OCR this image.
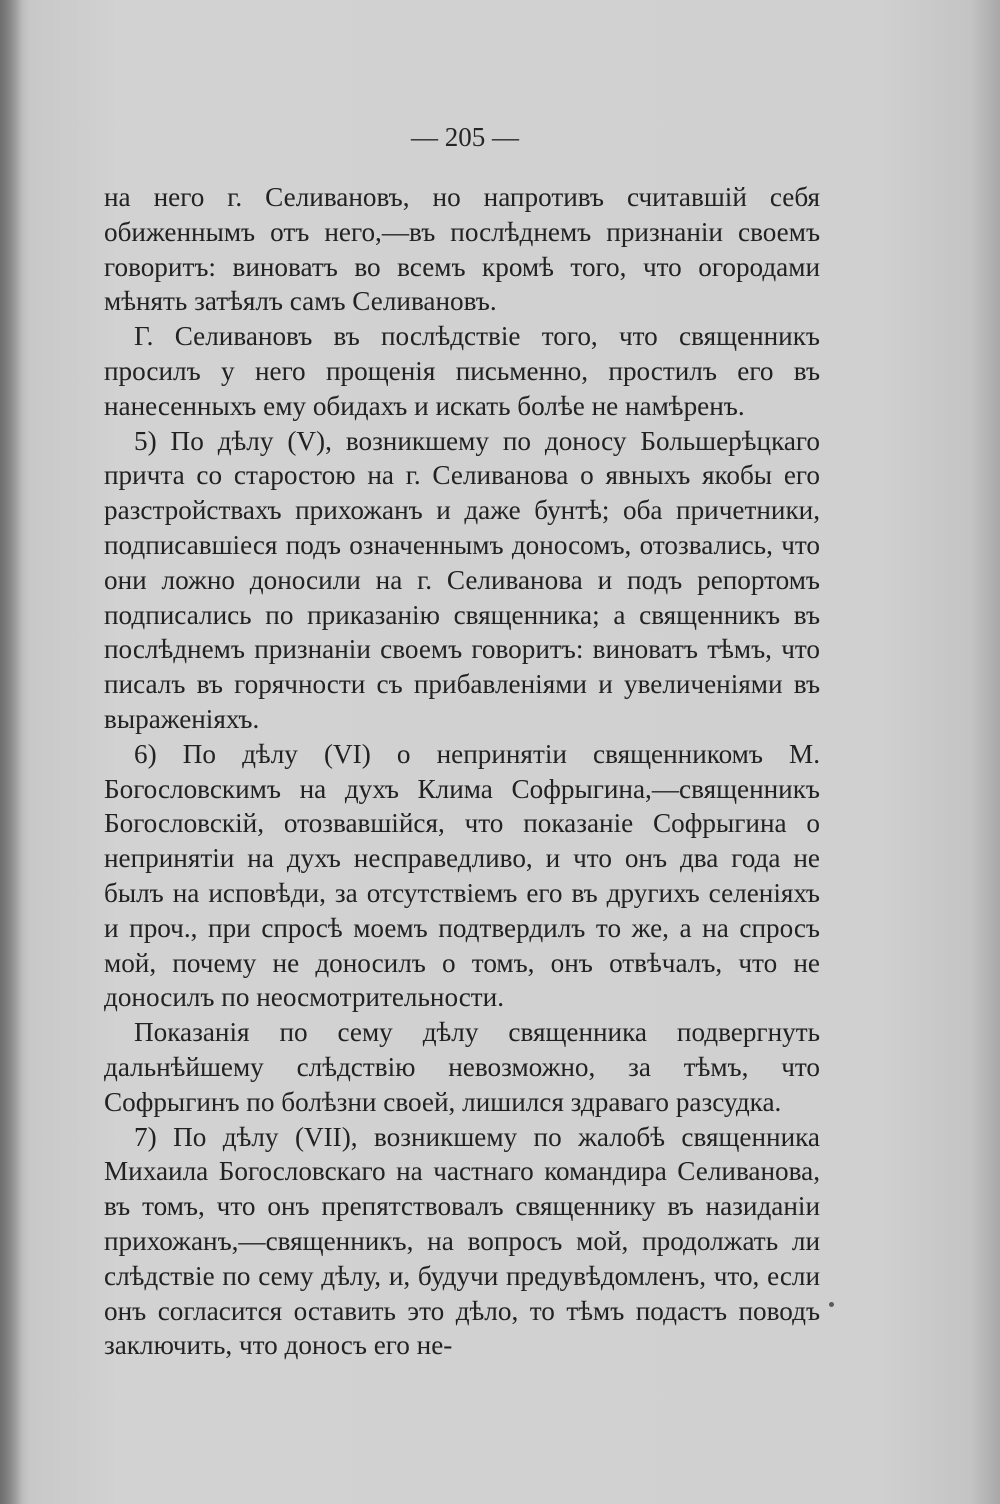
— 205 —

на него г. Селивановъ, но напротивъ считавшій себя обиженнымъ отъ него,—въ послѣднемъ признаніи своемъ говоритъ: виноватъ во всемъ кромѣ того, что огородами мѣнять затѣялъ самъ Селивановъ.

Г. Селивановъ въ послѣдствіе того, что священникъ просилъ у него прощенія письменно, простилъ его въ нанесенныхъ ему обидахъ и искать болѣе не намѣренъ.

5) По дѣлу (V), возникшему по доносу Большерѣцкаго причта со старостою на г. Селиванова о явныхъ якобы его разстройствахъ прихожанъ и даже бунтѣ; оба причетники, подписавшіеся подъ означеннымъ доносомъ, отозвались, что они ложно доносили на г. Селиванова и подъ репортомъ подписались по приказанію священника; а священникъ въ послѣднемъ признаніи своемъ говоритъ: виноватъ тѣмъ, что писалъ въ горячности съ прибавленіями и увеличеніями въ выраженіяхъ.

6) По дѣлу (VI) о непринятіи священникомъ М. Богословскимъ на духъ Клима Софрыгина,—священникъ Богословскій, отозвавшійся, что показаніе Софрыгина о непринятіи на духъ несправедливо, и что онъ два года не былъ на исповѣди, за отсутствіемъ его въ другихъ селеніяхъ и проч., при спросѣ моемъ подтвердилъ то же, а на спросъ мой, почему не доносилъ о томъ, онъ отвѣчалъ, что не доносилъ по неосмотрительности.

Показанія по сему дѣлу священника подвергнуть дальнѣйшему слѣдствію невозможно, за тѣмъ, что Софрыгинъ по болѣзни своей, лишился здраваго разсудка.

7) По дѣлу (VII), возникшему по жалобѣ священника Михаила Богословскаго на частнаго командира Селиванова, въ томъ, что онъ препятствовалъ священнику въ назиданіи прихожанъ,—священникъ, на вопросъ мой, продолжать ли слѣдствіе по сему дѣлу, и, будучи предувѣдомленъ, что, если онъ согласится оставить это дѣло, то тѣмъ подастъ поводъ заключить, что доносъ его не-
